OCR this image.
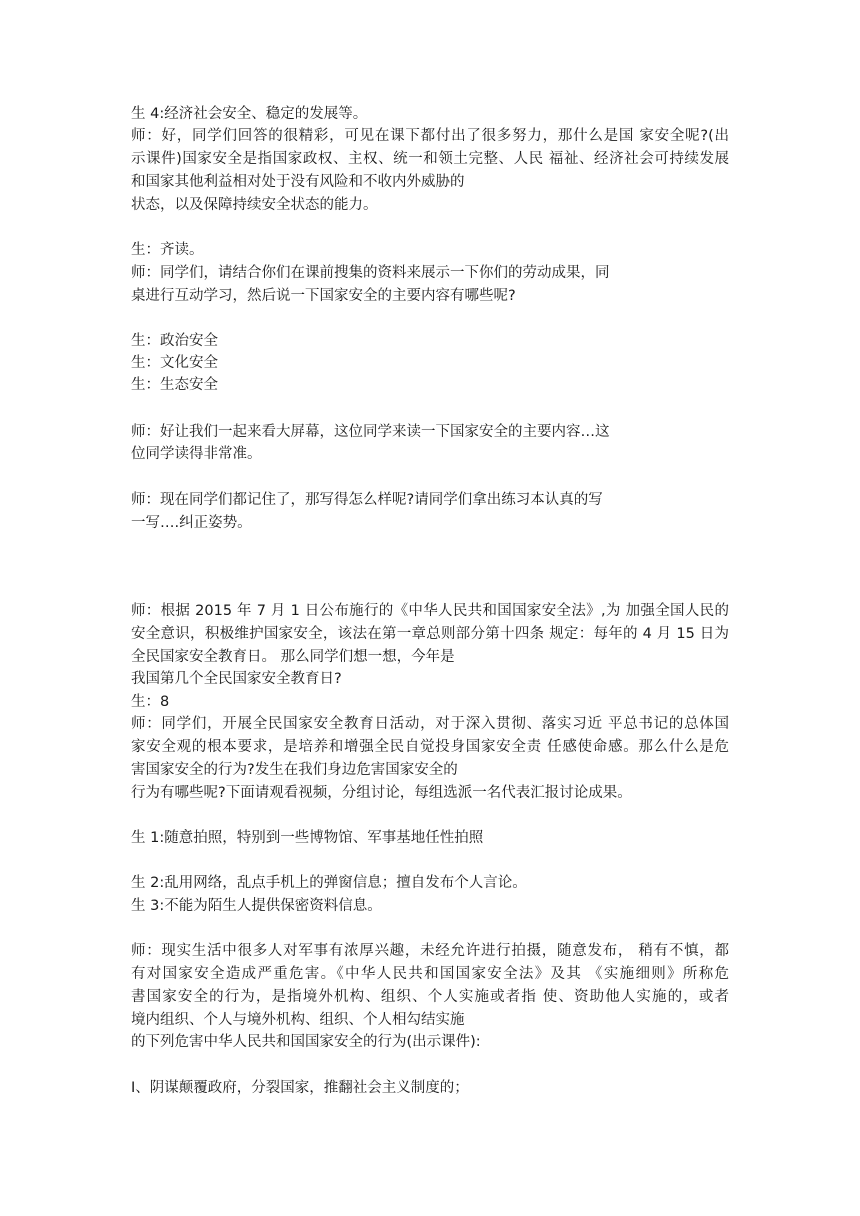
生 4:经济社会安全、稳定的发展等。
师：好，同学们回答的很精彩，可见在课下都付出了很多努力，那什么是国 家安全呢?(出
示课件)国家安全是指国家政权、主权、统一和领土完整、人民 福祉、经济社会可持续发展
和国家其他利益相对处于没有风险和不收内外威胁的
状态，以及保障持续安全状态的能力。
生：齐读。
师：同学们，请结合你们在课前搜集的资料来展示一下你们的劳动成果，同
桌进行互动学习，然后说一下国家安全的主要内容有哪些呢?
生：政治安全
生：文化安全
生：生态安全
师：好让我们一起来看大屏幕，这位同学来读一下国家安全的主要内容…这
位同学读得非常准。
师：现在同学们都记住了，那写得怎么样呢?请同学们拿出练习本认真的写
一写….纠正姿势。
师：根据 2015 年 7 月 1 日公布施行的《中华人民共和国国家安全法》,为 加强全国人民的
安全意识，积极维护国家安全，该法在第一章总则部分第十四条 规定：每年的 4 月 15 日为
全民国家安全教育日。 那么同学们想一想，今年是
我国第几个全民国家安全教育日?
生：8
师：同学们，开展全民国家安全教育日活动，对于深入贯彻、落实习近 平总书记的总体国
家安全观的根本要求，是培养和增强全民自觉投身国家安全责 任感使命感。那么什么是危
害国家安全的行为?发生在我们身边危害国家安全的
行为有哪些呢?下面请观看视频，分组讨论，每组选派一名代表汇报讨论成果。
生 1:随意拍照，特别到一些博物馆、军事基地任性拍照
生 2:乱用网络，乱点手机上的弹窗信息；擅自发布个人言论。
生 3:不能为陌生人提供保密资料信息。
师：现实生活中很多人对军事有浓厚兴趣，未经允许进行拍摄，随意发布， 稍有不慎，都
有对国家安全造成严重危害。《中华人民共和国国家安全法》及其 《实施细则》所称危
書国家安全的行为，是指境外机构、组织、个人实施或者指 使、资助他人实施的，或者
境内组织、个人与境外机构、组织、个人相勾结实施
的下列危害中华人民共和国国家安全的行为(出示课件):
I、阴谋颠覆政府，分裂国家，推翻社会主义制度的；
